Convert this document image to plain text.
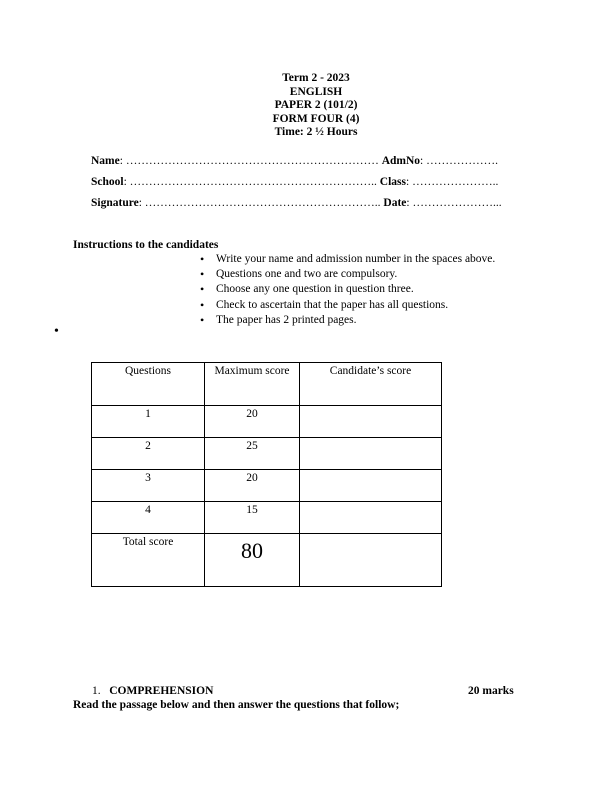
Term 2 - 2023
ENGLISH
PAPER 2 (101/2)
FORM FOUR (4)
Time: 2 ½ Hours
Name: ………………………………………………………… AdmNo: ……………….
School: ……………………………………………………….. Class: …………………..
Signature: …………………………………………………….. Date: …………………...
Instructions to the candidates
• Write your name and admission number in the spaces above.
• Questions one and two are compulsory.
• Choose any one question in question three.
• Check to ascertain that the paper has all questions.
• The paper has 2 printed pages.
•
Questions	Maximum score	Candidate’s score
1	20	
2	25	
3	20	
4	15	
Total score	80	
1. COMPREHENSION	20 marks
Read the passage below and then answer the questions that follow;
